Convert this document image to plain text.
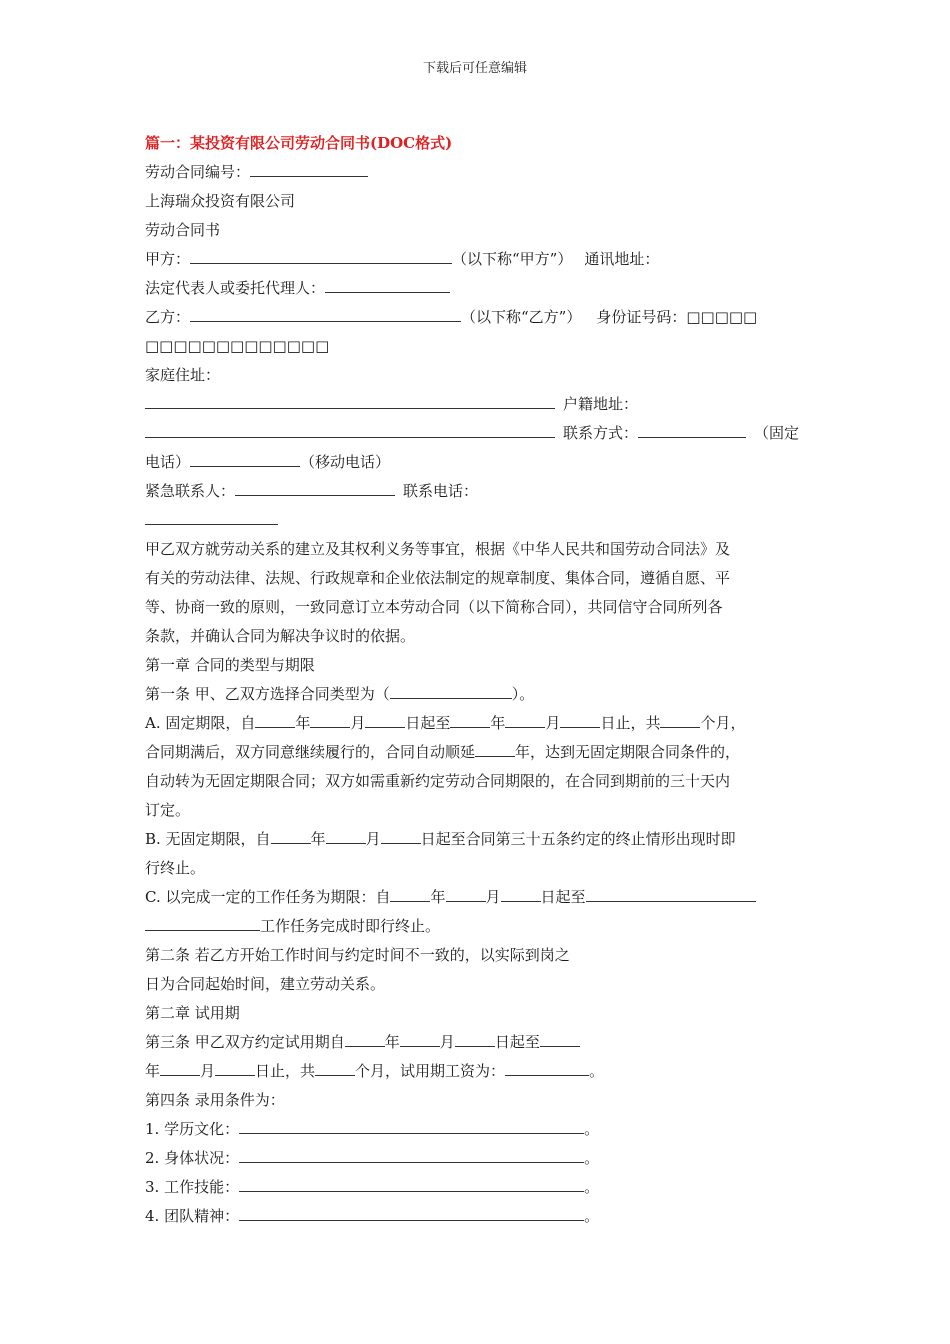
下载后可任意编辑
篇一：某投资有限公司劳动合同书(DOC格式)
劳动合同编号：
上海瑞众投资有限公司
劳动合同书
甲方：	（以下称“甲方”） 通讯地址：
法定代表人或委托代理人：
乙方：	（以下称“乙方”） 身份证号码：□□□□□
□□□□□□□□□□□□□
家庭住址：
户籍地址：
联系方式：	（固定
电话）	（移动电话）
紧急联系人：	联系电话：
甲乙双方就劳动关系的建立及其权利义务等事宜，根据《中华人民共和国劳动合同法》及
有关的劳动法律、法规、行政规章和企业依法制定的规章制度、集体合同，遵循自愿、平
等、协商一致的原则，一致同意订立本劳动合同（以下简称合同），共同信守合同所列各
条款，并确认合同为解决争议时的依据。
第一章 合同的类型与期限
第一条 甲、乙双方选择合同类型为（	）。
A. 固定期限，自	年	月	日起至	年	月	日止，共	个月，
合同期满后，双方同意继续履行的，合同自动顺延	年，达到无固定期限合同条件的，
自动转为无固定期限合同；双方如需重新约定劳动合同期限的，在合同到期前的三十天内
订定。
B. 无固定期限，自	年	月	日起至合同第三十五条约定的终止情形出现时即
行终止。
C. 以完成一定的工作任务为期限：自	年	月	日起至
工作任务完成时即行终止。
第二条 若乙方开始工作时间与约定时间不一致的，以实际到岗之
日为合同起始时间，建立劳动关系。
第二章 试用期
第三条 甲乙双方约定试用期自	年	月	日起至
年	月	日止，共	个月，试用期工资为：	。
第四条 录用条件为：
1. 学历文化：	。
2. 身体状况：	。
3. 工作技能：	。
4. 团队精神：	。
